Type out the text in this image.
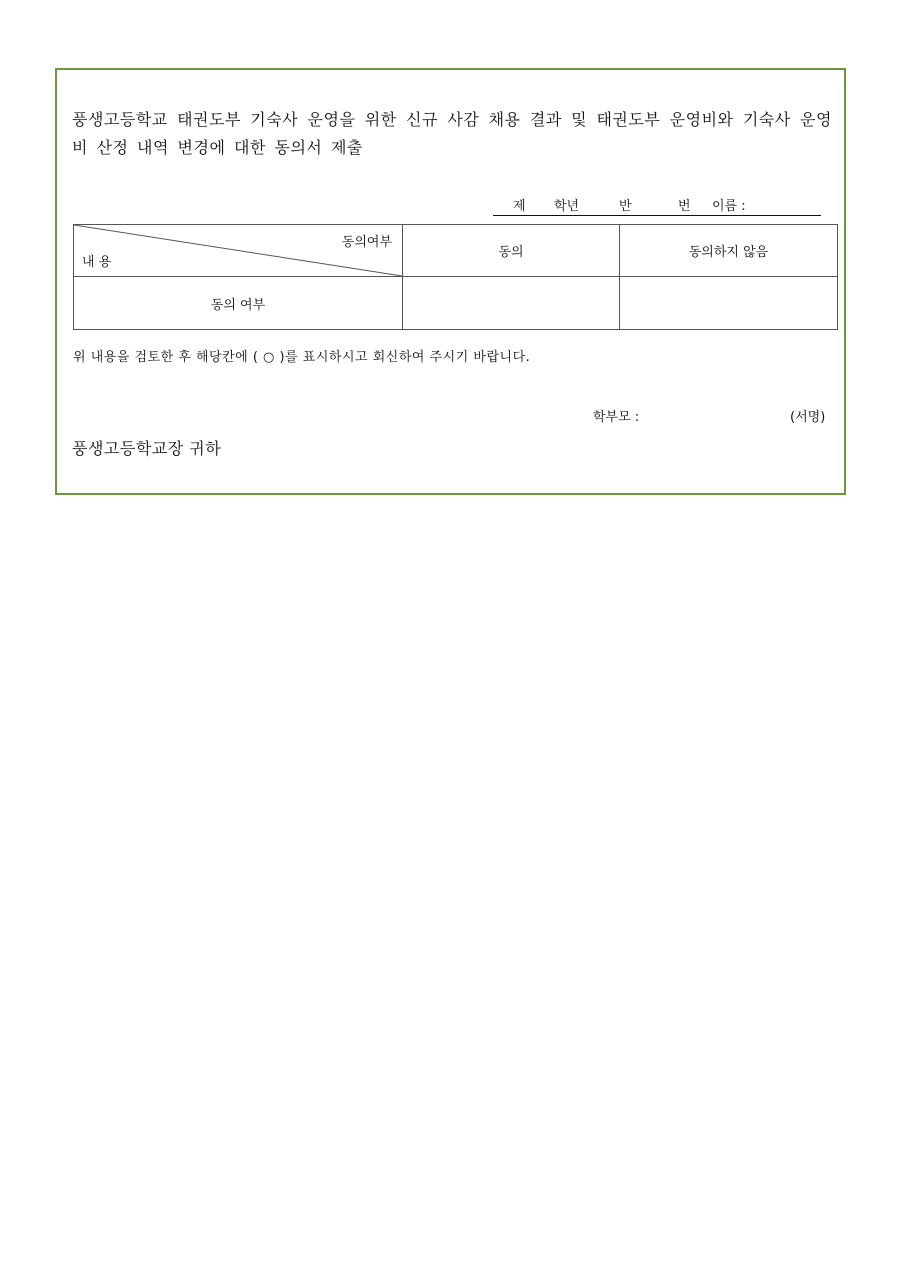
풍생고등학교 태권도부 기숙사 운영을 위한 신규 사감 채용 결과 및 태권도부 운영비와 기숙사 운영비 산정 내역 변경에 대한 동의서 제출

제 학년	반	번 이름 :
동의여부
내 용	동의	동의하지 않음
동의 여부		
위 내용을 검토한 후 해당칸에 ( ○ )를 표시하시고 회신하여 주시기 바랍니다.
학부모 :	(서명)
풍생고등학교장 귀하
